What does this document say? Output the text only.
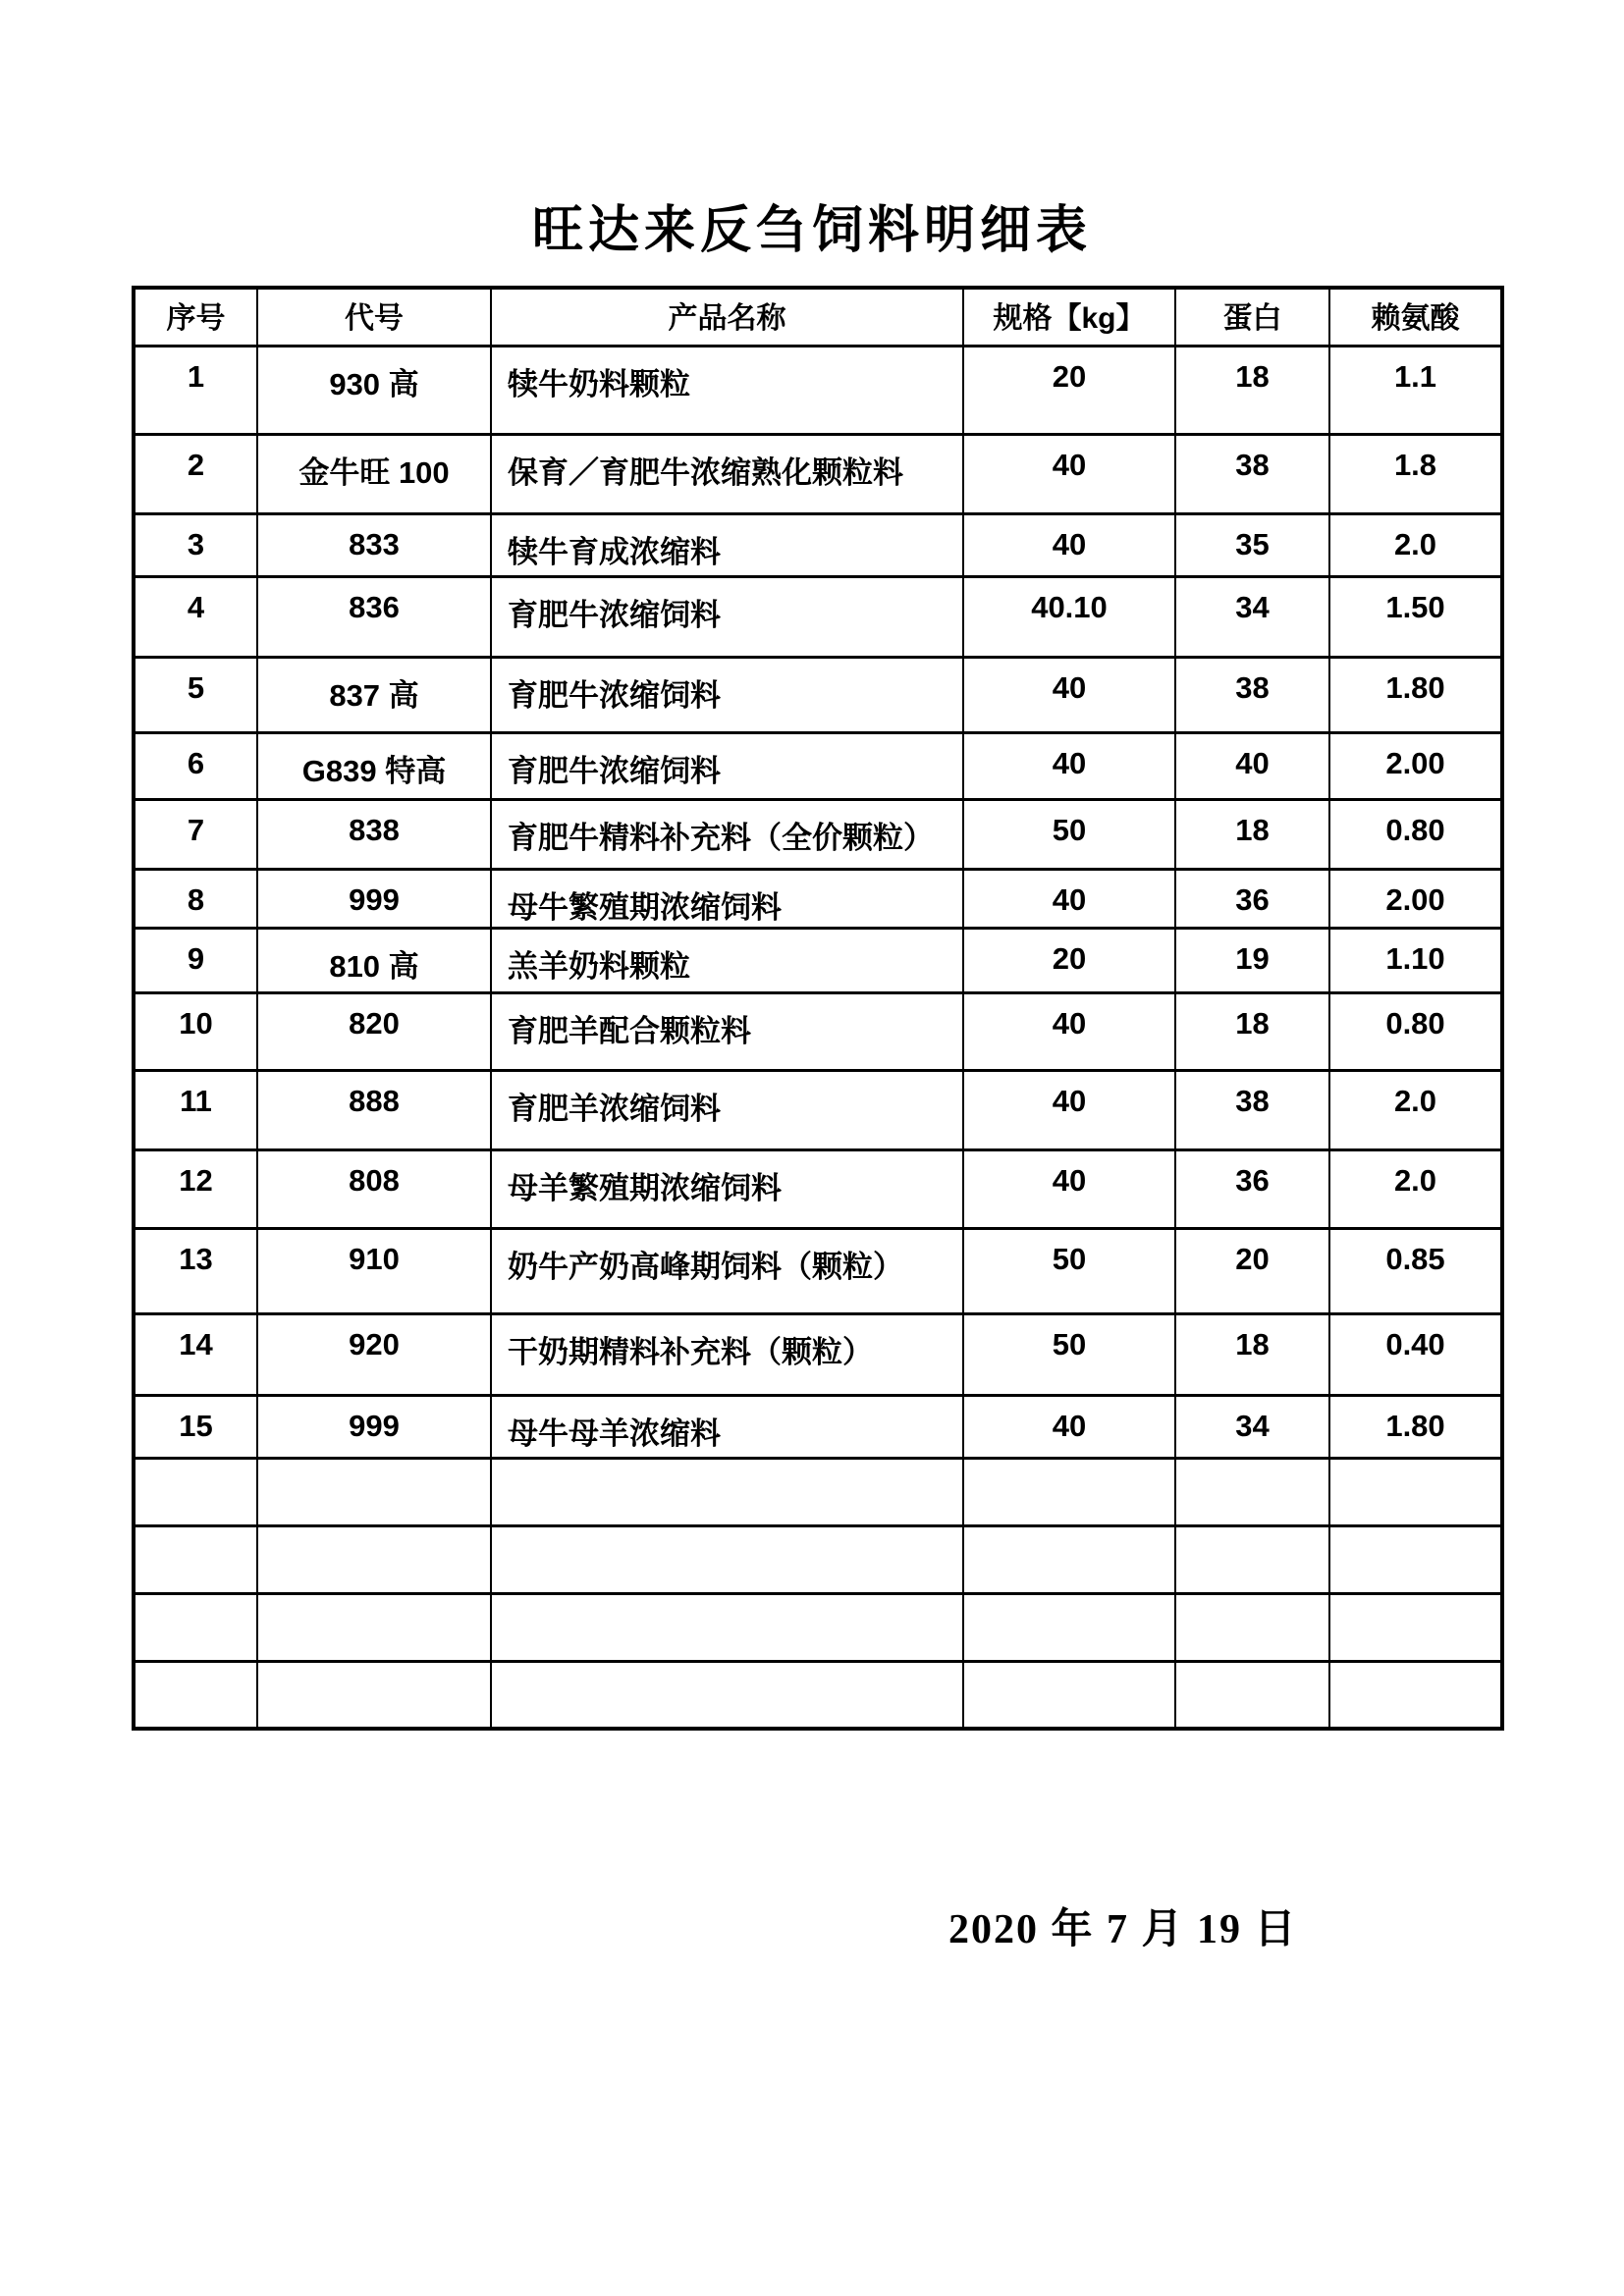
旺达来反刍饲料明细表
序号	代号	产品名称	规格【kg】	蛋白	赖氨酸
1	930 高	犊牛奶料颗粒	20	18	1.1
2	金牛旺 100	保育／育肥牛浓缩熟化颗粒料	40	38	1.8
3	833	犊牛育成浓缩料	40	35	2.0
4	836	育肥牛浓缩饲料	40.10	34	1.50
5	837 高	育肥牛浓缩饲料	40	38	1.80
6	G839 特高	育肥牛浓缩饲料	40	40	2.00
7	838	育肥牛精料补充料（全价颗粒）	50	18	0.80
8	999	母牛繁殖期浓缩饲料	40	36	2.00
9	810 高	羔羊奶料颗粒	20	19	1.10
10	820	育肥羊配合颗粒料	40	18	0.80
11	888	育肥羊浓缩饲料	40	38	2.0
12	808	母羊繁殖期浓缩饲料	40	36	2.0
13	910	奶牛产奶高峰期饲料（颗粒）	50	20	0.85
14	920	干奶期精料补充料（颗粒）	50	18	0.40
15	999	母牛母羊浓缩料	40	34	1.80

2020 年 7 月 19 日
